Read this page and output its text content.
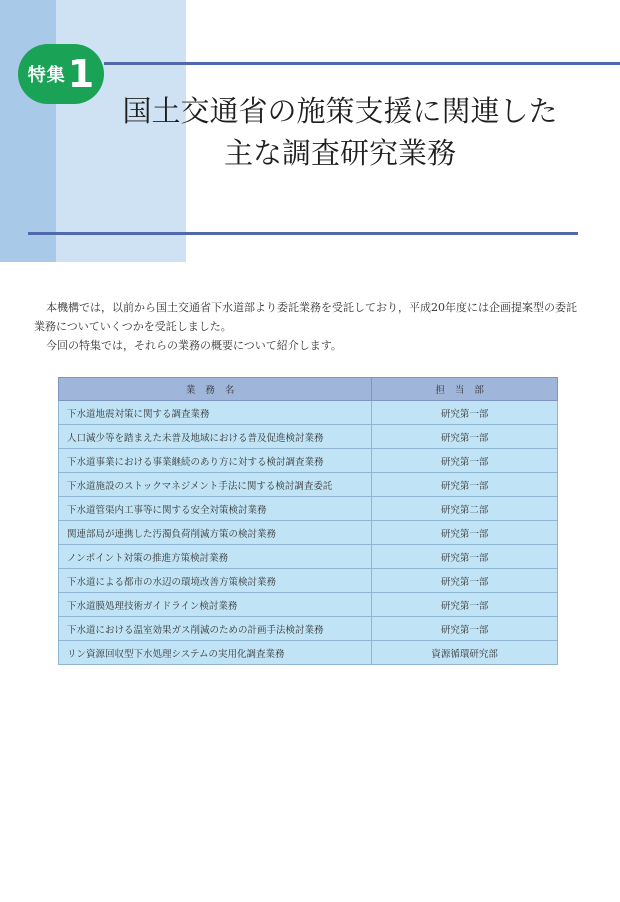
特集 1
国土交通省の施策支援に関連した
主な調査研究業務

本機構では，以前から国土交通省下水道部より委託業務を受託しており，平成20年度には企画提案型の委託業務についていくつかを受託しました。

今回の特集では，それらの業務の概要について紹介します。

業務名	担当部
下水道地震対策に関する調査業務	研究第一部
人口減少等を踏まえた未普及地域における普及促進検討業務	研究第一部
下水道事業における事業継続のあり方に対する検討調査業務	研究第一部
下水道施設のストックマネジメント手法に関する検討調査委託	研究第一部
下水道管渠内工事等に関する安全対策検討業務	研究第二部
関連部局が連携した汚濁負荷削減方策の検討業務	研究第一部
ノンポイント対策の推進方策検討業務	研究第一部
下水道による都市の水辺の環境改善方策検討業務	研究第一部
下水道膜処理技術ガイドライン検討業務	研究第一部
下水道における温室効果ガス削減のための計画手法検討業務	研究第一部
リン資源回収型下水処理システムの実用化調査業務	資源循環研究部
